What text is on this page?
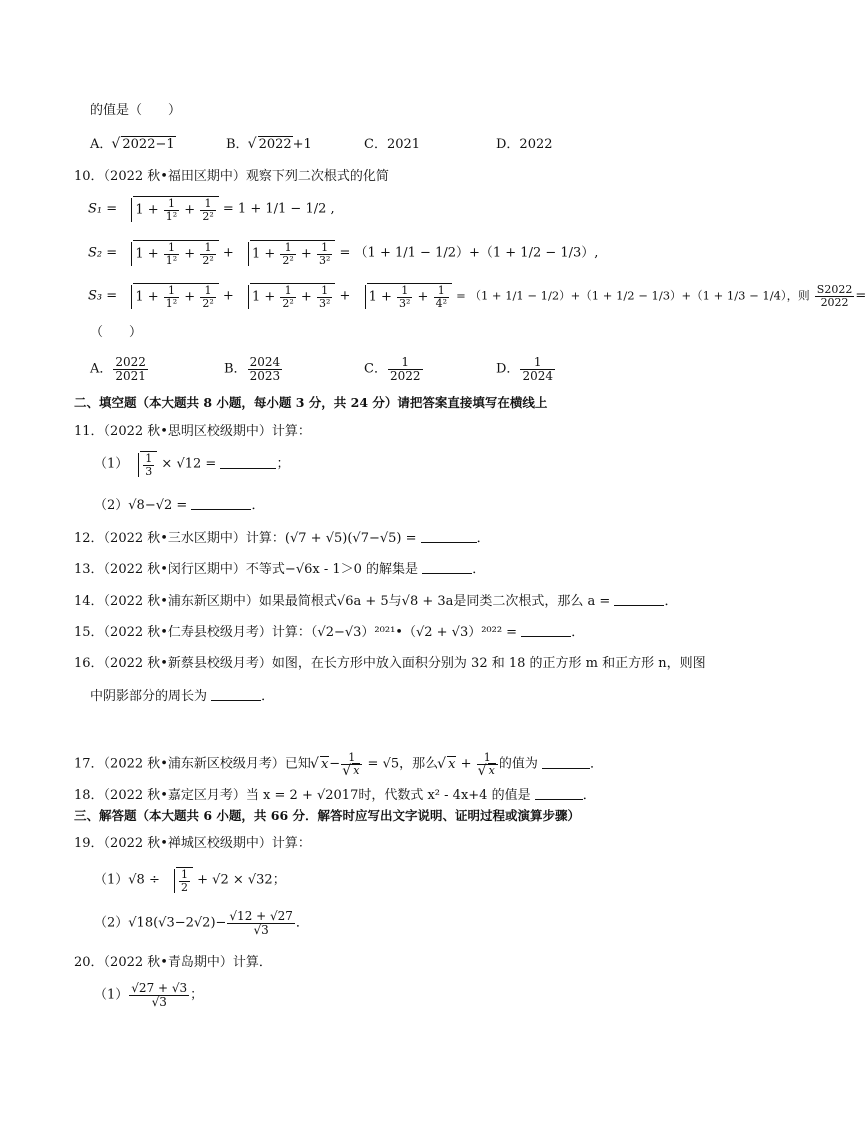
的值是（　　）
A． √ 2022−1	B． √ 2022+1	C．2021	D．2022
10．（2022 秋•福田区期中）观察下列二次根式的化简
$S_1 = 1 + \frac{1}{\text{1²}} + \frac{1}{\text{2²}} = 1 + 1/1 - 1/2$ ,
$S_2 = 1 + \frac{1}{\text{1²}} + \frac{1}{\text{2²}} + 1 + \frac{1}{\text{2²}} + \frac{1}{\text{3²}} = (1 + 1/1 - 1/2)+(1 + 1/2 - 1/3)$,
$S_3 = 1 + \frac{1}{\text{1²}} + \frac{1}{\text{2²}} + 1 + \frac{1}{\text{2²}} + \frac{1}{\text{3²}} + 1 + \frac{1}{\text{3²}} + \frac{1}{\text{4²}} = (1 + 1/1 - 1/2)+(1 + 1/2 - 1/3)+(1 + 1/3 - 1/4)$，则 $\frac{S2022}{2022}$ =
（　　）
A． $\frac{2022}{2021}$	B． $\frac{2024}{2023}$	C． $\frac{1}{2022}$	D． $\frac{1}{2024}$
二、填空题（本大题共 8 小题，每小题 3 分，共 24 分）请把答案直接填写在横线上
11．（2022 秋•思明区校级期中）计算：
$(1) \frac{1}{3} \times √12$ =	；
（2）√8−√2 =	．
12．（2022 秋•三水区期中）计算：(√7 + √5)(√7−√5) =	．
13．（2022 秋•闵行区期中）不等式−√6x - 1＞0 的解集是	．
14．（2022 秋•浦东新区期中）如果最简根式√6a + 5与√8 + 3a是同类二次根式，那么 a =	．
15．（2022 秋•仁寿县校级月考）计算：（√2−√3）²⁰²¹•（√2 + √3）²⁰²² =	．
16．（2022 秋•新蔡县校级月考）如图，在长方形中放入面积分别为 32 和 18 的正方形 m 和正方形 n，则图
中阴影部分的周长为	．
17．（2022 秋•浦东新区校级月考）已知 √ x− 1
√ x = √5，那么 √ x + 1
√ x 的值为	．
18．（2022 秋•嘉定区月考）当 x = 2 + √2017时，代数式 x² - 4x+4 的值是	．
三、解答题（本大题共 6 小题，共 66 分．解答时应写出文字说明、证明过程或演算步骤）
19．（2022 秋•禅城区校级期中）计算：
$(1)√8 \div \frac{1}{2} + √2 \times √32$；
$(2)√18(√3-2√2)- \frac{√12 + √27}{√3}$ ．
20．（2022 秋•青岛期中）计算．
$(1) \frac{√27 + √3}{√3}$ ；
